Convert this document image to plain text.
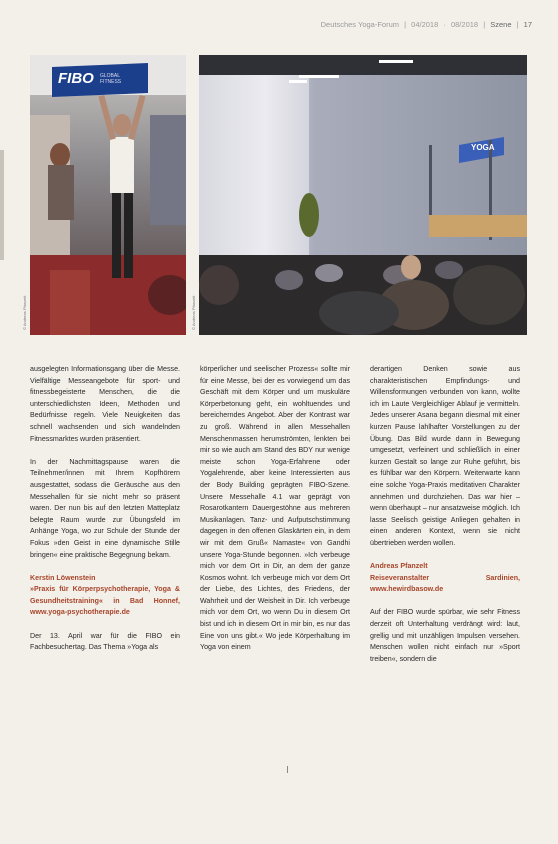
Deutsches Yoga-Forum | 04/2018 · 08/2018 | Szene | 17
FIBO GLOBAL FITNESS
© Andreas Pfanzelt
YOGA
© Andreas Pfanzelt

ausgelegten Informationsgang über die Messe. Vielfältige Messeangebote für sport- und fitnessbegeisterte Menschen, die die unterschiedlichsten Ideen, Methoden und Bedürfnisse regeln. Viele Neuigkeiten das schnell wachsenden und sich wandelnden Fitnessmarktes wurden präsentiert.

In der Nachmittagspause waren die Teilnehmer/innen mit Ihrem Kopfhörern ausgestattet, sodass die Geräusche aus den Messehallen für sie nicht mehr so präsent waren. Der nun bis auf den letzten Matteplatz belegte Raum wurde zur Übungsfeld im Anhänge Yoga, wo zur Schule der Stunde der Fokus »den Geist in eine dynamische Stille bringen« eine praktische Begegnung bekam.

Kerstin Löwenstein
»Praxis für Körperpsychotherapie, Yoga & Gesundheitstraining« in Bad Honnef, www.yoga-psychotherapie.de

Der 13. April war für die FIBO ein Fachbesuchertag. Das Thema »Yoga als

körperlicher und seelischer Prozess« sollte mir für eine Messe, bei der es vorwiegend um das Geschäft mit dem Körper und um muskuläre Körperbetonung geht, ein wohltuendes und bereicherndes Angebot. Aber der Kontrast war zu groß. Während in allen Messehallen Menschenmassen herumströmten, lenkten bei mir so wie auch am Stand des BDY nur wenige meiste schon Yoga-Erfahrene oder Yogalehrende, aber keine Interessierten aus der Body Building geprägten FIBO-Szene. Unsere Messehalle 4.1 war geprägt von Rosarotkantern Dauergestöhne aus mehreren Musikanlagen. Tanz- und Aufputschstimmung dagegen in den offenen Glaskärten ein, in dem wir mit dem Gruß« Namaste« von Gandhi unsere Yoga-Stunde begonnen. »Ich verbeuge mich vor dem Ort in Dir, an dem der ganze Kosmos wohnt. Ich verbeuge mich vor dem Ort der Liebe, des Lichtes, des Friedens, der Wahrheit und der Weisheit in Dir. Ich verbeuge mich vor dem Ort, wo wenn Du in diesem Ort bist und ich in diesem Ort in mir bin, es nur das Eine von uns gibt.« Wo jede Körperhaltung im Yoga von einem

derartigen Denken sowie aus charakteristischen Empfindungs- und Willensformungen verbunden von kann, wollte ich im Laute Vergleichliger Ablauf je vermitteln. Jedes unserer Asana begann diesmal mit einer kurzen Pause lahlhafter Vorstellungen zu der Übung. Das Bild wurde dann in Bewegung umgesetzt, verfeinert und schließlich in einer kurzen Gestalt so lange zur Ruhe geführt, bis es fühlbar war den Körpern. Weiterwarte kann eine solche Yoga-Praxis meditativen Charakter annehmen und durchziehen. Das war hier – wenn überhaupt – nur ansatzweise möglich. Ich lasse Seelisch geistige Anliegen gehalten in einen anderen Kontext, wenn sie nicht übertrieben werden wollen.

Andreas Pfanzelt
Reiseveranstalter Sardinien, www.hewirdbasow.de

Auf der FIBO wurde spürbar, wie sehr Fitness derzeit oft Unterhaltung verdrängt wird: laut, grellig und mit unzähligen Impulsen versehen. Menschen wollen nicht einfach nur »Sport treiben«, sondern die
